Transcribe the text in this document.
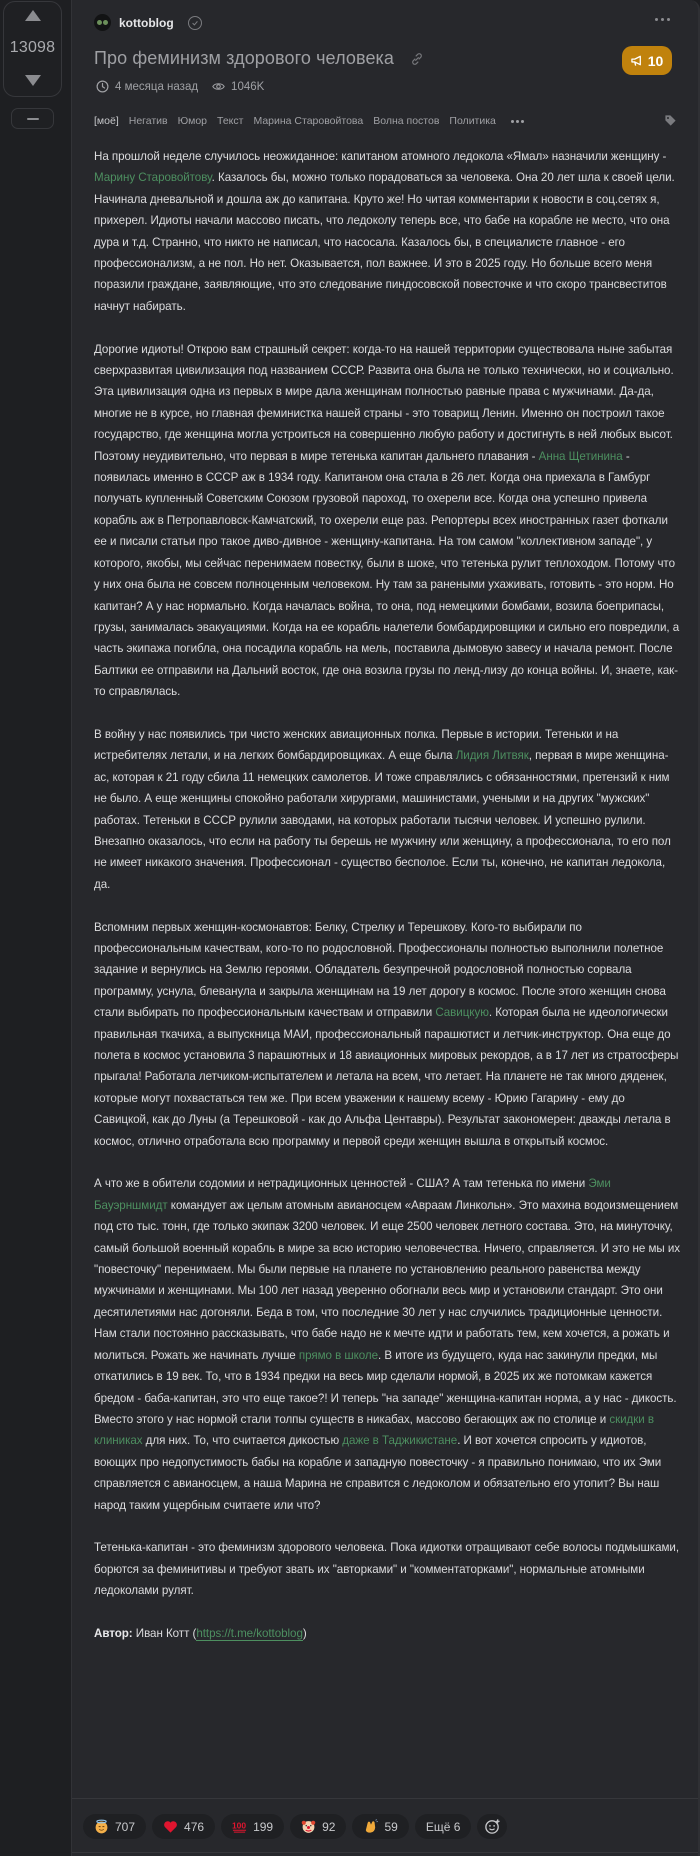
13098
kottoblog
Про феминизм здорового человека	10
4 месяца назад	1046K
[моё] Негатив Юмор Текст Марина Старовойтова Волна постов Политика

На прошлой неделе случилось неожиданное: капитаном атомного ледокола «Ямал» назначили женщину - Марину Старовойтову. Казалось бы, можно только порадоваться за человека. Она 20 лет шла к своей цели. Начинала дневальной и дошла аж до капитана. Круто же! Но читая комментарии к новости в соц.сетях я, прихерел. Идиоты начали массово писать, что ледоколу теперь все, что бабе на корабле не место, что она дура и т.д. Странно, что никто не написал, что насосала. Казалось бы, в специалисте главное - его профессионализм, а не пол. Но нет. Оказывается, пол важнее. И это в 2025 году. Но больше всего меня поразили граждане, заявляющие, что это следование пиндосовской повесточке и что скоро трансвеститов начнут набирать.

Дорогие идиоты! Открою вам страшный секрет: когда-то на нашей территории существовала ныне забытая сверхразвитая цивилизация под названием СССР. Развита она была не только технически, но и социально. Эта цивилизация одна из первых в мире дала женщинам полностью равные права с мужчинами. Да-да, многие не в курсе, но главная феминистка нашей страны - это товарищ Ленин. Именно он построил такое государство, где женщина могла устроиться на совершенно любую работу и достигнуть в ней любых высот. Поэтому неудивительно, что первая в мире тетенька капитан дальнего плавания - Анна Щетинина - появилась именно в СССР аж в 1934 году. Капитаном она стала в 26 лет. Когда она приехала в Гамбург получать купленный Советским Союзом грузовой пароход, то охерели все. Когда она успешно привела корабль аж в Петропавловск-Камчатский, то охерели еще раз. Репортеры всех иностранных газет фоткали ее и писали статьи про такое диво-дивное - женщину-капитана. На том самом "коллективном западе", у которого, якобы, мы сейчас перенимаем повестку, были в шоке, что тетенька рулит теплоходом. Потому что у них она была не совсем полноценным человеком. Ну там за ранеными ухаживать, готовить - это норм. Но капитан? А у нас нормально. Когда началась война, то она, под немецкими бомбами, возила боеприпасы, грузы, занималась эвакуациями. Когда на ее корабль налетели бомбардировщики и сильно его повредили, а часть экипажа погибла, она посадила корабль на мель, поставила дымовую завесу и начала ремонт. После Балтики ее отправили на Дальний восток, где она возила грузы по ленд-лизу до конца войны. И, знаете, как-то справлялась.

В войну у нас появились три чисто женских авиационных полка. Первые в истории. Тетеньки и на истребителях летали, и на легких бомбардировщиках. А еще была Лидия Литвяк, первая в мире женщина-ас, которая к 21 году сбила 11 немецких самолетов. И тоже справлялись с обязанностями, претензий к ним не было. А еще женщины спокойно работали хирургами, машинистами, учеными и на других "мужских" работах. Тетеньки в СССР рулили заводами, на которых работали тысячи человек. И успешно рулили. Внезапно оказалось, что если на работу ты берешь не мужчину или женщину, а профессионала, то его пол не имеет никакого значения. Профессионал - существо бесполое. Если ты, конечно, не капитан ледокола, да.

Вспомним первых женщин-космонавтов: Белку, Стрелку и Терешкову. Кого-то выбирали по профессиональным качествам, кого-то по родословной. Профессионалы полностью выполнили полетное задание и вернулись на Землю героями. Обладатель безупречной родословной полностью сорвала программу, уснула, блеванула и закрыла женщинам на 19 лет дорогу в космос. После этого женщин снова стали выбирать по профессиональным качествам и отправили Савицкую. Которая была не идеологически правильная ткачиха, а выпускница МАИ, профессиональный парашютист и летчик-инструктор. Она еще до полета в космос установила 3 парашютных и 18 авиационных мировых рекордов, а в 17 лет из стратосферы прыгала! Работала летчиком-испытателем и летала на всем, что летает. На планете не так много дяденек, которые могут похвастаться тем же. При всем уважении к нашему всему - Юрию Гагарину - ему до Савицкой, как до Луны (а Терешковой - как до Альфа Центавры). Результат закономерен: дважды летала в космос, отлично отработала всю программу и первой среди женщин вышла в открытый космос.

А что же в обители содомии и нетрадиционных ценностей - США? А там тетенька по имени Эми Бауэрншмидт командует аж целым атомным авианосцем «Авраам Линкольн». Это махина водоизмещением под сто тыс. тонн, где только экипаж 3200 человек. И еще 2500 человек летного состава. Это, на минуточку, самый большой военный корабль в мире за всю историю человечества. Ничего, справляется. И это не мы их "повесточку" перенимаем. Мы были первые на планете по установлению реального равенства между мужчинами и женщинами. Мы 100 лет назад уверенно обогнали весь мир и установили стандарт. Это они десятилетиями нас догоняли. Беда в том, что последние 30 лет у нас случились традиционные ценности. Нам стали постоянно рассказывать, что бабе надо не к мечте идти и работать тем, кем хочется, а рожать и молиться. Рожать же начинать лучше прямо в школе. В итоге из будущего, куда нас закинули предки, мы откатились в 19 век. То, что в 1934 предки на весь мир сделали нормой, в 2025 их же потомкам кажется бредом - баба-капитан, это что еще такое?! И теперь "на западе" женщина-капитан норма, а у нас - дикость. Вместо этого у нас нормой стали толпы существ в никабах, массово бегающих аж по столице и скидки в клиниках для них. То, что считается дикостью даже в Таджикистане. И вот хочется спросить у идиотов, воющих про недопустимость бабы на корабле и западную повесточку - я правильно понимаю, что их Эми справляется с авианосцем, а наша Марина не справится с ледоколом и обязательно его утопит? Вы наш народ таким ущербным считаете или что?

Тетенька-капитан - это феминизм здорового человека. Пока идиотки отращивают себе волосы подмышками, борются за феминитивы и требуют звать их "авторками" и "комментаторками", нормальные атомными ледоколами рулят.

Автор: Иван Котт (https://t.me/kottoblog)

707	476	100 199	92	59	Ещё 6
